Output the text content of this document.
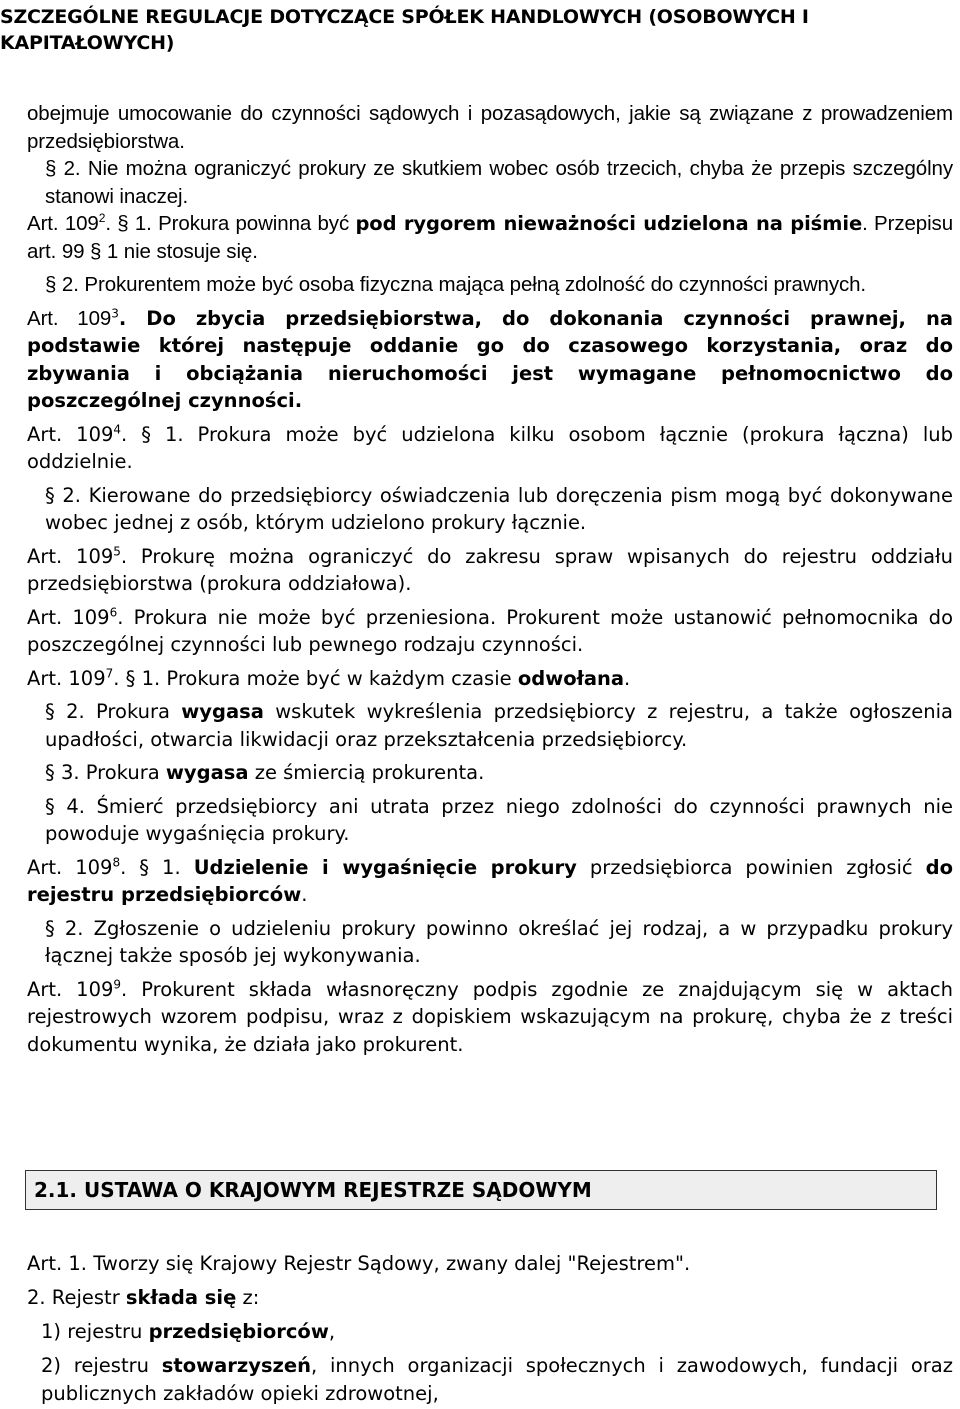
SZCZEGÓLNE REGULACJE DOTYCZĄCE SPÓŁEK HANDLOWYCH (OSOBOWYCH I KAPITAŁOWYCH)

obejmuje umocowanie do czynności sądowych i pozasądowych, jakie są związane z prowadzeniem przedsiębiorstwa.

§ 2. Nie można ograniczyć prokury ze skutkiem wobec osób trzecich, chyba że przepis szczególny stanowi inaczej.

Art. $109^2$. § 1. Prokura powinna być pod rygorem nieważności udzielona na piśmie. Przepisu art. 99 § 1 nie stosuje się.

§ 2. Prokurentem może być osoba fizyczna mająca pełną zdolność do czynności prawnych.

Art. $109^3$. Do zbycia przedsiębiorstwa, do dokonania czynności prawnej, na podstawie której następuje oddanie go do czasowego korzystania, oraz do zbywania i obciążania nieruchomości jest wymagane pełnomocnictwo do poszczególnej czynności.

Art. $109^4$. § 1. Prokura może być udzielona kilku osobom łącznie (prokura łączna) lub oddzielnie.

§ 2. Kierowane do przedsiębiorcy oświadczenia lub doręczenia pism mogą być dokonywane wobec jednej z osób, którym udzielono prokury łącznie.

Art. $109^5$. Prokurę można ograniczyć do zakresu spraw wpisanych do rejestru oddziału przedsiębiorstwa (prokura oddziałowa).

Art. $109^6$. Prokura nie może być przeniesiona. Prokurent może ustanowić pełnomocnika do poszczególnej czynności lub pewnego rodzaju czynności.

Art. $109^7$. § 1. Prokura może być w każdym czasie odwołana.

§ 2. Prokura wygasa wskutek wykreślenia przedsiębiorcy z rejestru, a także ogłoszenia upadłości, otwarcia likwidacji oraz przekształcenia przedsiębiorcy.

§ 3. Prokura wygasa ze śmiercią prokurenta.

§ 4. Śmierć przedsiębiorcy ani utrata przez niego zdolności do czynności prawnych nie powoduje wygaśnięcia prokury.

Art. $109^8$. § 1. Udzielenie i wygaśnięcie prokury przedsiębiorca powinien zgłosić do rejestru przedsiębiorców.

§ 2. Zgłoszenie o udzieleniu prokury powinno określać jej rodzaj, a w przypadku prokury łącznej także sposób jej wykonywania.

Art. $109^9$. Prokurent składa własnoręczny podpis zgodnie ze znajdującym się w aktach rejestrowych wzorem podpisu, wraz z dopiskiem wskazującym na prokurę, chyba że z treści dokumentu wynika, że działa jako prokurent.

2.1. USTAWA O KRAJOWYM REJESTRZE SĄDOWYM

Art. 1. Tworzy się Krajowy Rejestr Sądowy, zwany dalej "Rejestrem".

2. Rejestr składa się z:

1) rejestru przedsiębiorców,

2) rejestru stowarzyszeń, innych organizacji społecznych i zawodowych, fundacji oraz publicznych zakładów opieki zdrowotnej,
